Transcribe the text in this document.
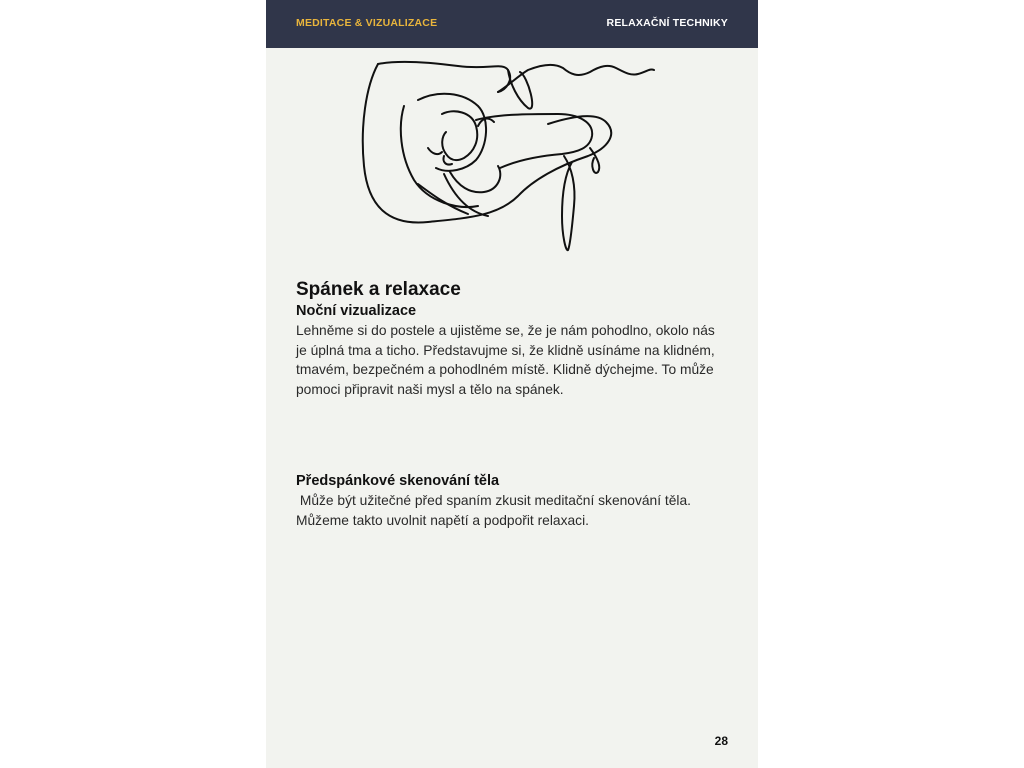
MEDITACE & VIZUALIZACE	RELAXAČNÍ TECHNIKY
Spánek a relaxace
Noční vizualizace

Lehněme si do postele a ujistěme se, že je nám pohodlno, okolo nás je úplná tma a ticho. Představujme si, že klidně usínáme na klidném, tmavém, bezpečném a pohodlném místě. Klidně dýchejme. To může pomoci připravit naši mysl a tělo na spánek.

Předspánkové skenování těla

Může být užitečné před spaním zkusit meditační skenování těla. Můžeme takto uvolnit napětí a podpořit relaxaci.

28
